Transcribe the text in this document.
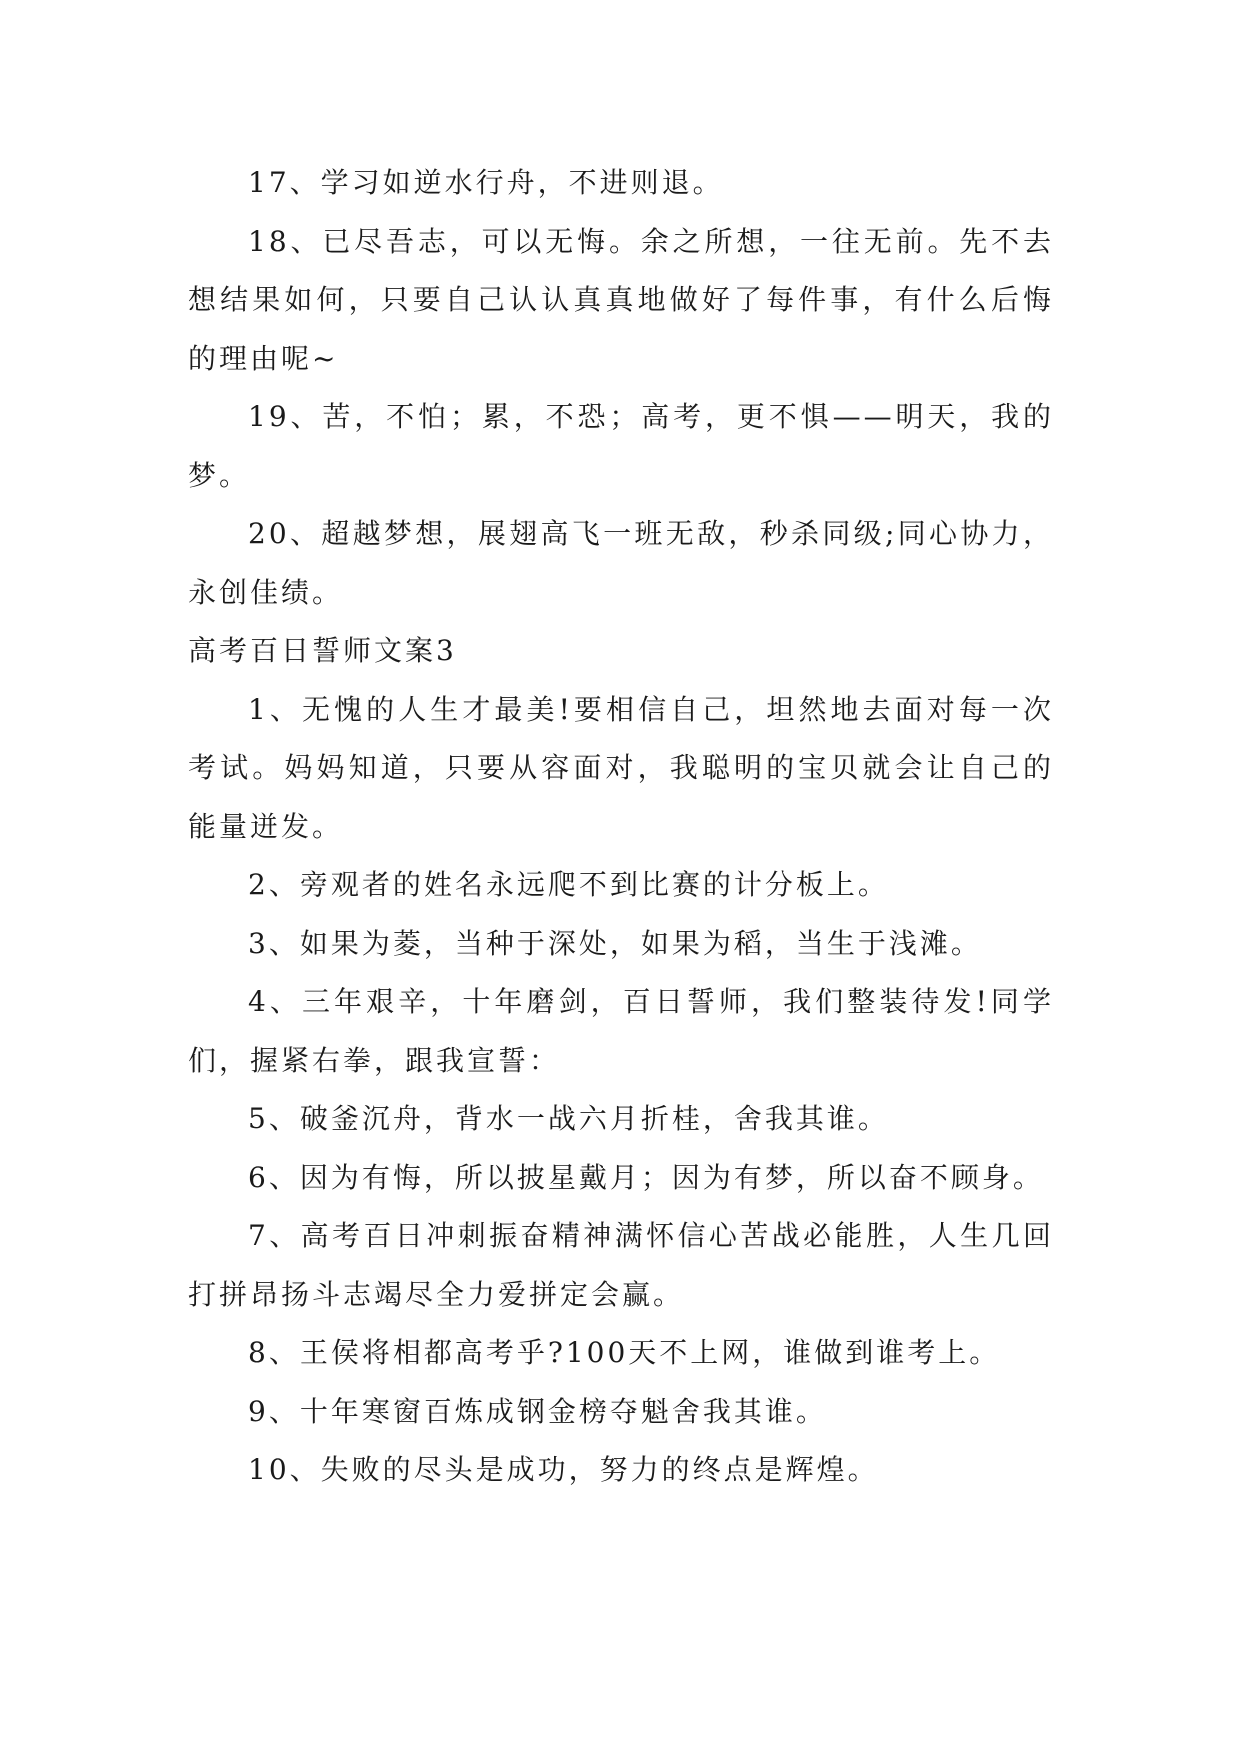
17、学习如逆水行舟，不进则退。

18、已尽吾志，可以无悔。余之所想，一往无前。先不去想结果如何，只要自己认认真真地做好了每件事，有什么后悔的理由呢~

19、苦，不怕；累，不恐；高考，更不惧——明天，我的梦。

20、超越梦想，展翅高飞一班无敌，秒杀同级;同心协力，永创佳绩。

高考百日誓师文案3

1、无愧的人生才最美!要相信自己，坦然地去面对每一次考试。妈妈知道，只要从容面对，我聪明的宝贝就会让自己的能量迸发。

2、旁观者的姓名永远爬不到比赛的计分板上。

3、如果为菱，当种于深处，如果为稻，当生于浅滩。

4、三年艰辛，十年磨剑，百日誓师，我们整装待发!同学们，握紧右拳，跟我宣誓：

5、破釜沉舟，背水一战六月折桂，舍我其谁。

6、因为有悔，所以披星戴月；因为有梦，所以奋不顾身。

7、高考百日冲刺振奋精神满怀信心苦战必能胜，人生几回打拼昂扬斗志竭尽全力爱拼定会赢。

8、王侯将相都高考乎?100天不上网，谁做到谁考上。

9、十年寒窗百炼成钢金榜夺魁舍我其谁。

10、失败的尽头是成功，努力的终点是辉煌。
